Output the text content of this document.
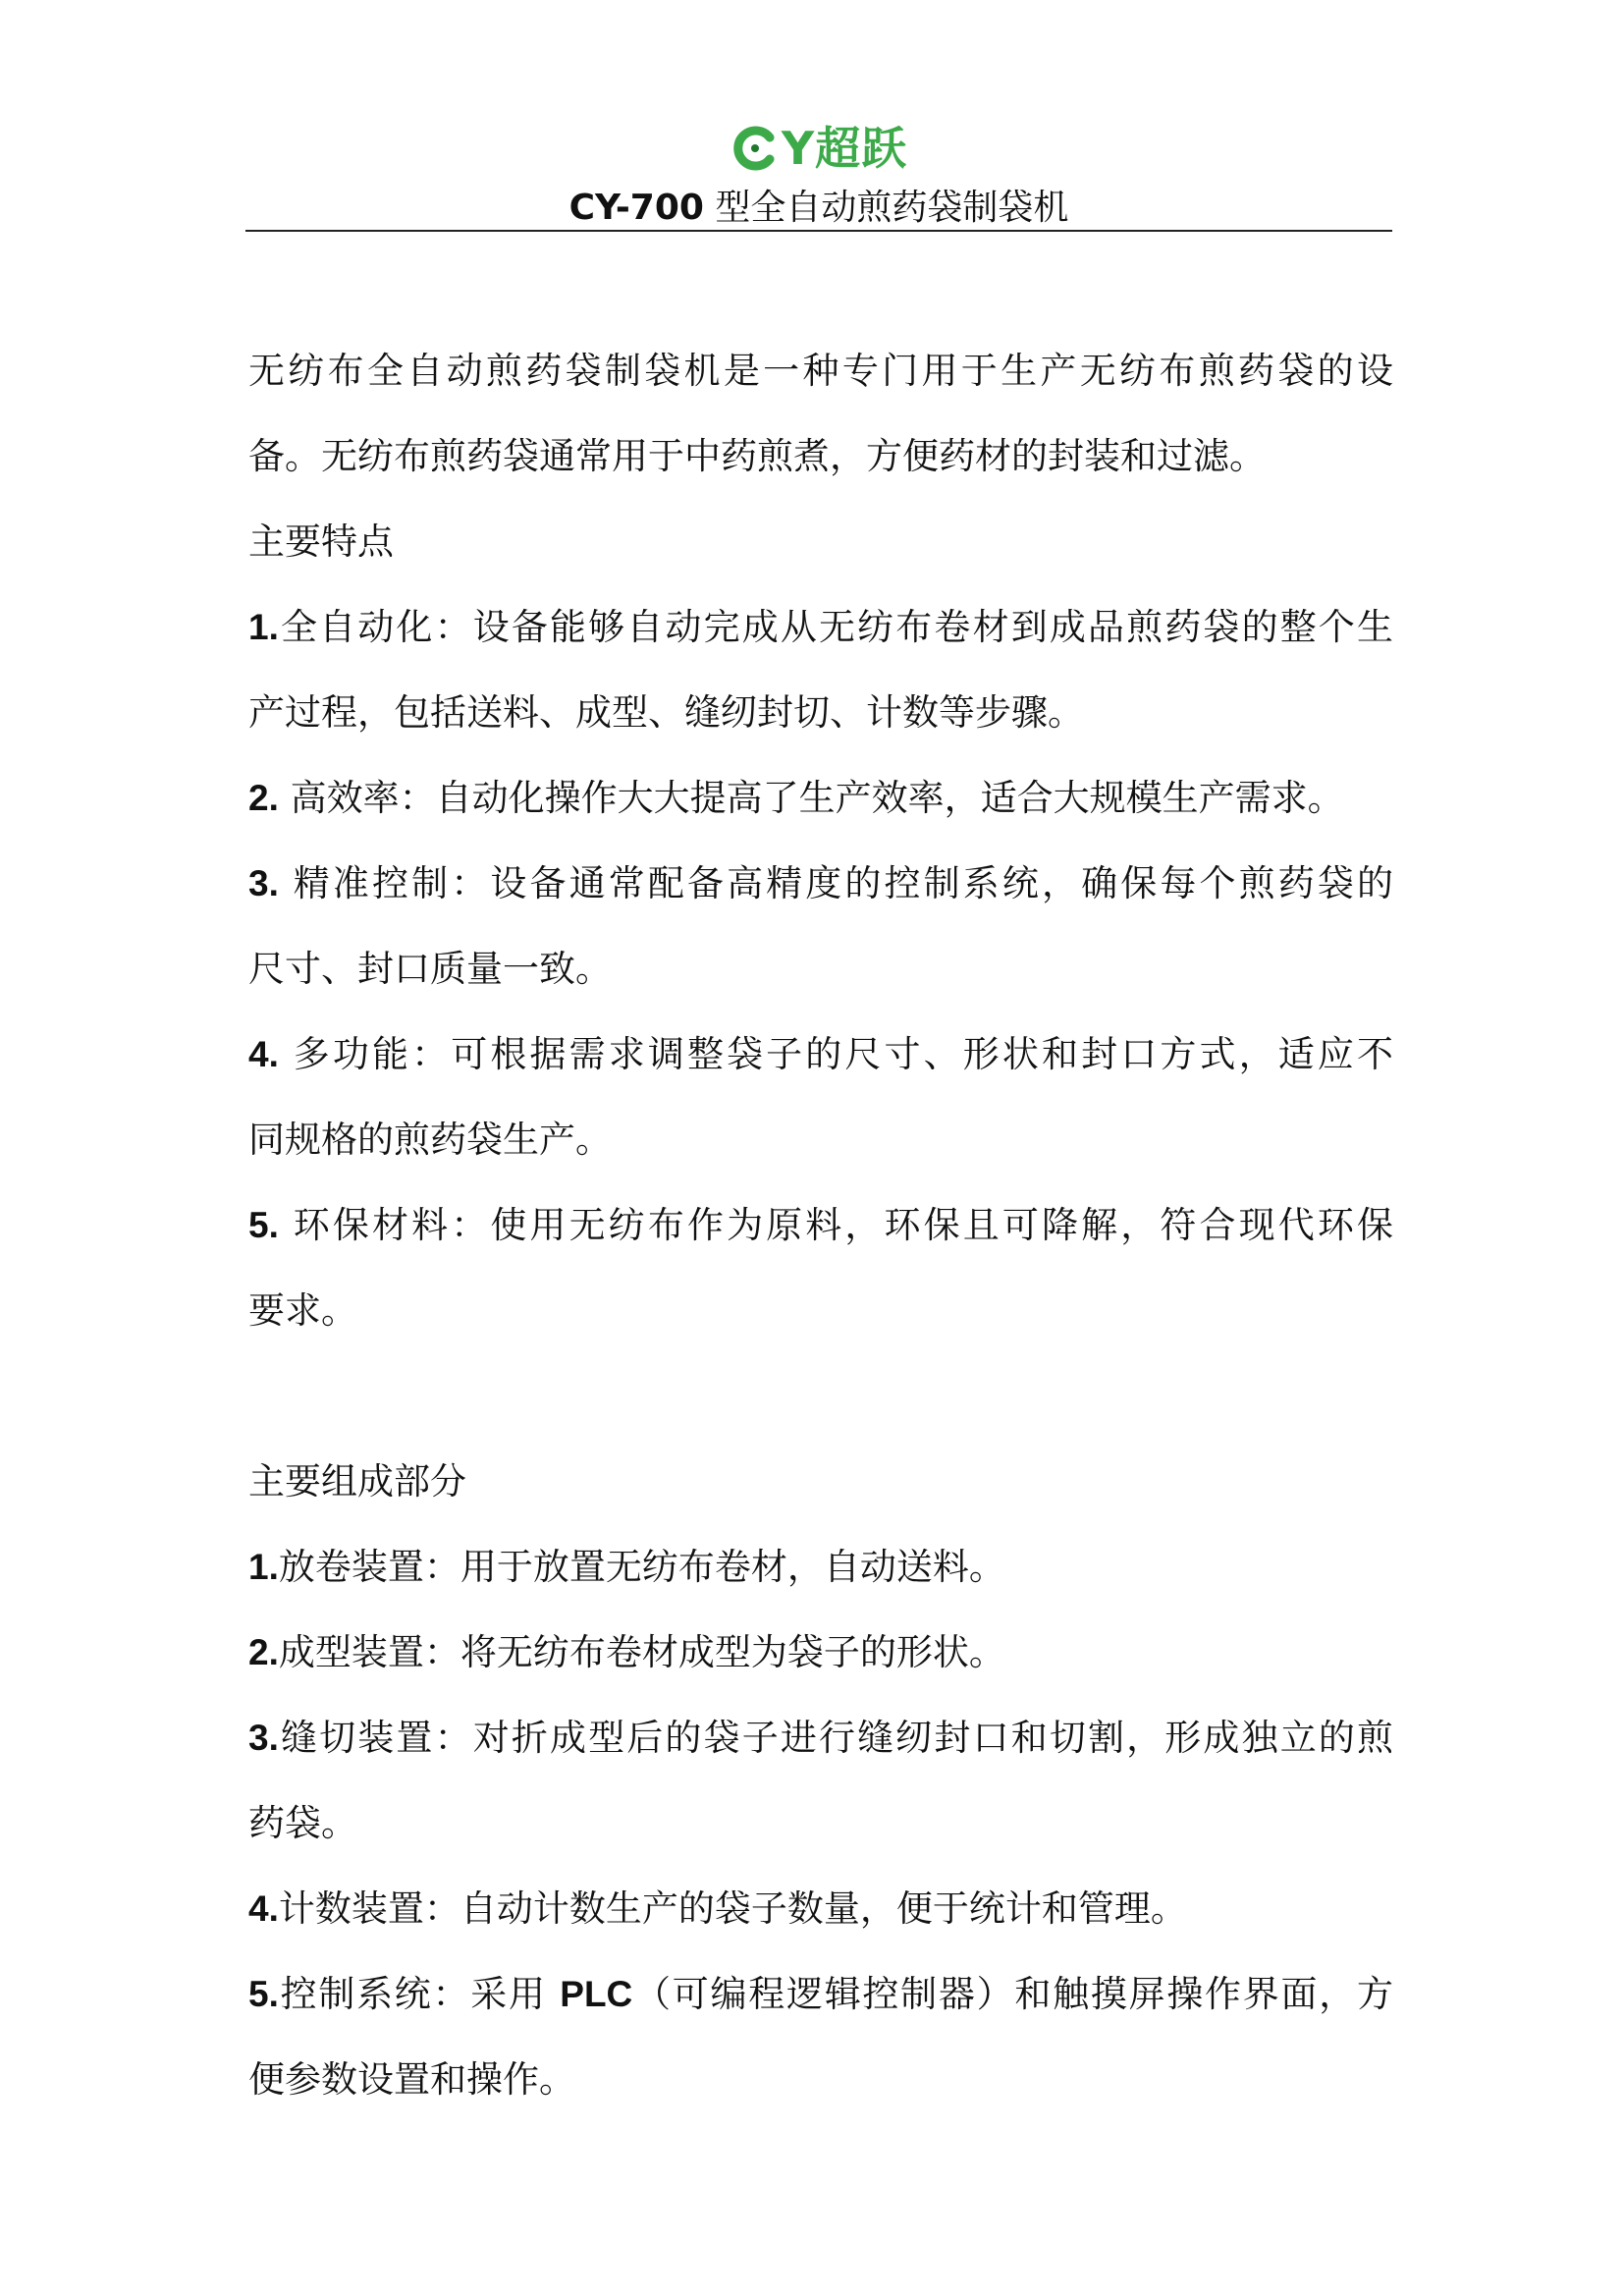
Y超跃
CY-700 型全自动煎药袋制袋机

无纺布全自动煎药袋制袋机是一种专门用于生产无纺布煎药袋的设

备。无纺布煎药袋通常用于中药煎煮，方便药材的封装和过滤。

主要特点

1.全自动化：设备能够自动完成从无纺布卷材到成品煎药袋的整个生

产过程，包括送料、成型、缝纫封切、计数等步骤。

2. 高效率：自动化操作大大提高了生产效率，适合大规模生产需求。

3. 精准控制：设备通常配备高精度的控制系统，确保每个煎药袋的

尺寸、封口质量一致。

4. 多功能：可根据需求调整袋子的尺寸、形状和封口方式，适应不

同规格的煎药袋生产。

5. 环保材料：使用无纺布作为原料，环保且可降解，符合现代环保

要求。

主要组成部分

1.放卷装置：用于放置无纺布卷材，自动送料。

2.成型装置：将无纺布卷材成型为袋子的形状。

3.缝切装置：对折成型后的袋子进行缝纫封口和切割，形成独立的煎

药袋。

4.计数装置：自动计数生产的袋子数量，便于统计和管理。

5.控制系统：采用 PLC（可编程逻辑控制器）和触摸屏操作界面，方

便参数设置和操作。
